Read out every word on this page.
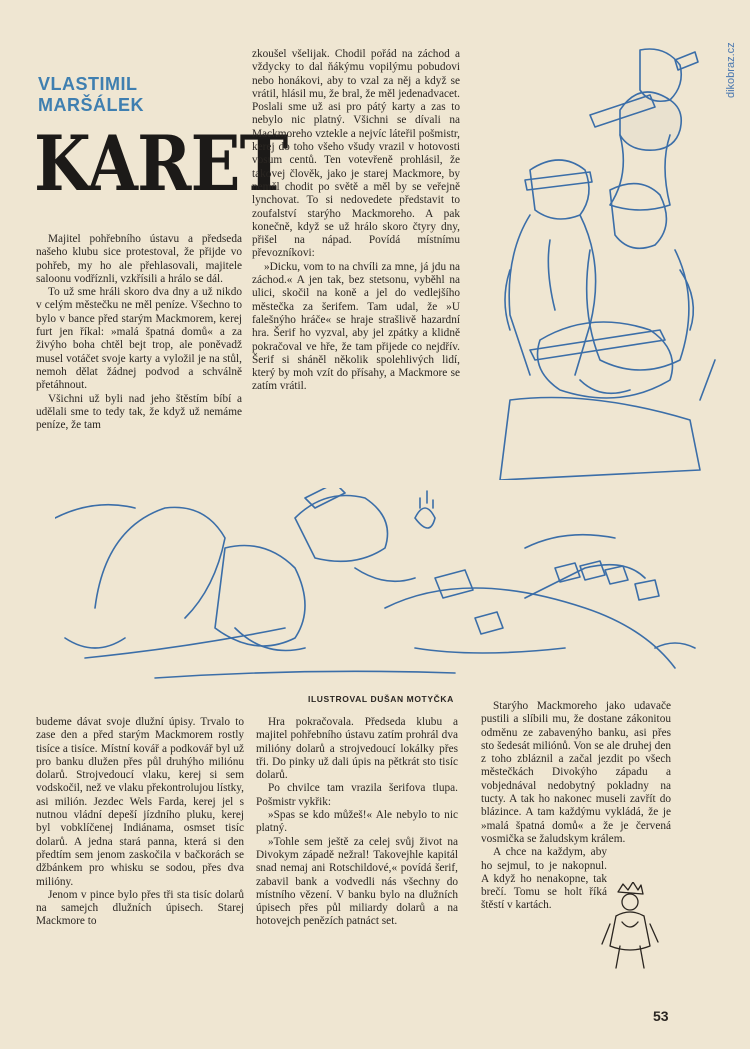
dikobraz.cz
VLASTIMIL MARŠÁLEK
KARET

Majitel pohřebního ústavu a předseda našeho klubu sice protestoval, že přijde vo pohřeb, my ho ale přehlasovali, majitele saloonu vodříznli, vzkřísili a hrálo se dál.

To už sme hráli skoro dva dny a už nikdo v celým městečku ne měl peníze. Všechno to bylo v bance před starým Mackmorem, kerej furt jen říkal: »malá špatná domů« a za živýho boha chtěl bejt trop, ale poněvadž musel votáčet svoje karty a vyložil je na stůl, nemoh dělat žádnej podvod a schválně přetáhnout.

Všichni už byli nad jeho štěstím bíbí a udělali sme to tedy tak, že když už nemáme peníze, že tam

zkoušel všelijak. Chodil pořád na záchod a vždycky to dal ňákýmu vopilýmu pobudovi nebo honákovi, aby to vzal za něj a když se vrátil, hlásil mu, že bral, že měl jedenadvacet. Poslali sme už asi pro pátý karty a zas to nebylo nic platný. Všichni se dívali na Mackmoreho vztekle a nejvíc láteřil pošmistr, kerej do toho všeho všudy vrazil v hotovosti vosum centů. Ten votevřeně prohlásil, že takovej člověk, jako je starej Mackmore, by neměl chodit po světě a měl by se veřejně lynchovat. To si nedovedete představit to zoufalství starýho Mackmoreho. A pak konečně, když se už hrálo skoro čtyry dny, přišel na nápad. Povídá místnímu převozníkovi:

»Dicku, vom to na chvíli za mne, já jdu na záchod.« A jen tak, bez stetsonu, vyběhl na ulici, skočil na koně a jel do vedlejšího městečka za šerifem. Tam udal, že »U falešnýho hráče« se hraje strašlivě hazardní hra. Šerif ho vyzval, aby jel zpátky a klidně pokračoval ve hře, že tam přijede co nejdřív. Šerif si sháněl několik spolehlivých lidí, který by moh vzít do přísahy, a Mackmore se zatím vrátil.

ILUSTROVAL DUŠAN MOTYČKA

budeme dávat svoje dlužní úpisy. Trvalo to zase den a před starým Mackmorem rostly tisíce a tisíce. Místní kovář a podkovář byl už pro banku dlužen přes půl druhýho miliónu dolarů. Strojvedoucí vlaku, kerej si sem vodskočil, než ve vlaku překontrolujou lístky, asi milión. Jezdec Wels Farda, kerej jel s nutnou vládní depeší jízdního pluku, kerej byl vobklíčenej Indiánama, osmset tisíc dolarů. A jedna stará panna, která si den předtím sem jenom zaskočila v bačkorách se džbánkem pro whisku se sodou, přes dva milióny.

Jenom v pince bylo přes tři sta tisíc dolarů na samejch dlužních úpisech. Starej Mackmore to

Hra pokračovala. Předseda klubu a majitel pohřebního ústavu zatím prohrál dva milióny dolarů a strojvedoucí lokálky přes tři. Do pinky už dali úpis na pětkrát sto tisíc dolarů.

Po chvilce tam vrazila šerifova tlupa. Pošmistr vykřik:

»Spas se kdo můžeš!« Ale nebylo to nic platný.

»Tohle sem ještě za celej svůj život na Divokym západě nežral! Takovejhle kapitál snad nemaj ani Rotschildové,« povídá šerif, zabavil bank a vodvedli nás všechny do místního vězení. V banku bylo na dlužních úpisech přes půl miliardy dolarů a na hotovejch penězích patnáct set.

Starýho Mackmoreho jako udavače pustili a slíbili mu, že dostane zákonitou odměnu ze zabavenýho banku, asi přes sto šedesát miliónů. Von se ale druhej den z toho zbláznil a začal jezdit po všech městečkách Divokýho západu a vobjednával nedobytný pokladny na tucty. A tak ho nakonec museli zavřít do blázince. A tam každýmu vykládá, že je »malá špatná domů« a že je červená vosmička se žaludskym králem.

A chce na každym, aby ho sejmul, to je nakopnul. A když ho nenakopne, tak brečí. Tomu se holt říká štěstí v kartách.

53
